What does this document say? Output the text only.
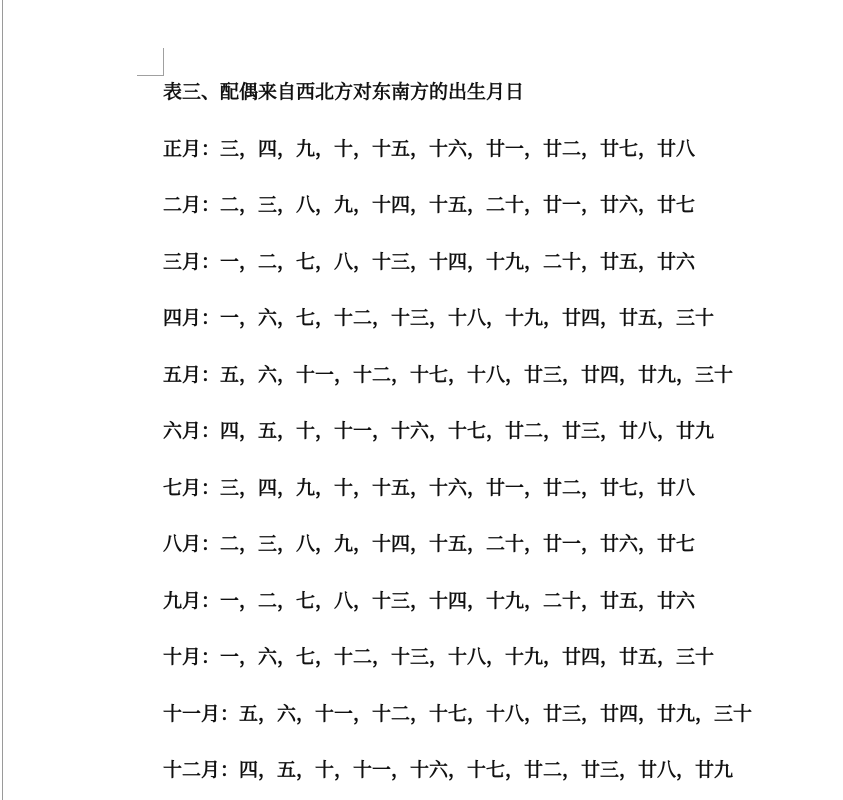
表三、配偶来自西北方对东南方的出生月日
正月：三，四，九，十，十五，十六，廿一，廿二，廿七，廿八
二月：二，三，八，九，十四，十五，二十，廿一，廿六，廿七
三月：一，二，七，八，十三，十四，十九，二十，廿五，廿六
四月：一，六，七，十二，十三，十八，十九，廿四，廿五，三十
五月：五，六，十一，十二，十七，十八，廿三，廿四，廿九，三十
六月：四，五，十，十一，十六，十七，廿二，廿三，廿八，廿九
七月：三，四，九，十，十五，十六，廿一，廿二，廿七，廿八
八月：二，三，八，九，十四，十五，二十，廿一，廿六，廿七
九月：一，二，七，八，十三，十四，十九，二十，廿五，廿六
十月：一，六，七，十二，十三，十八，十九，廿四，廿五，三十
十一月：五，六，十一，十二，十七，十八，廿三，廿四，廿九，三十
十二月：四，五，十，十一，十六，十七，廿二，廿三，廿八，廿九
